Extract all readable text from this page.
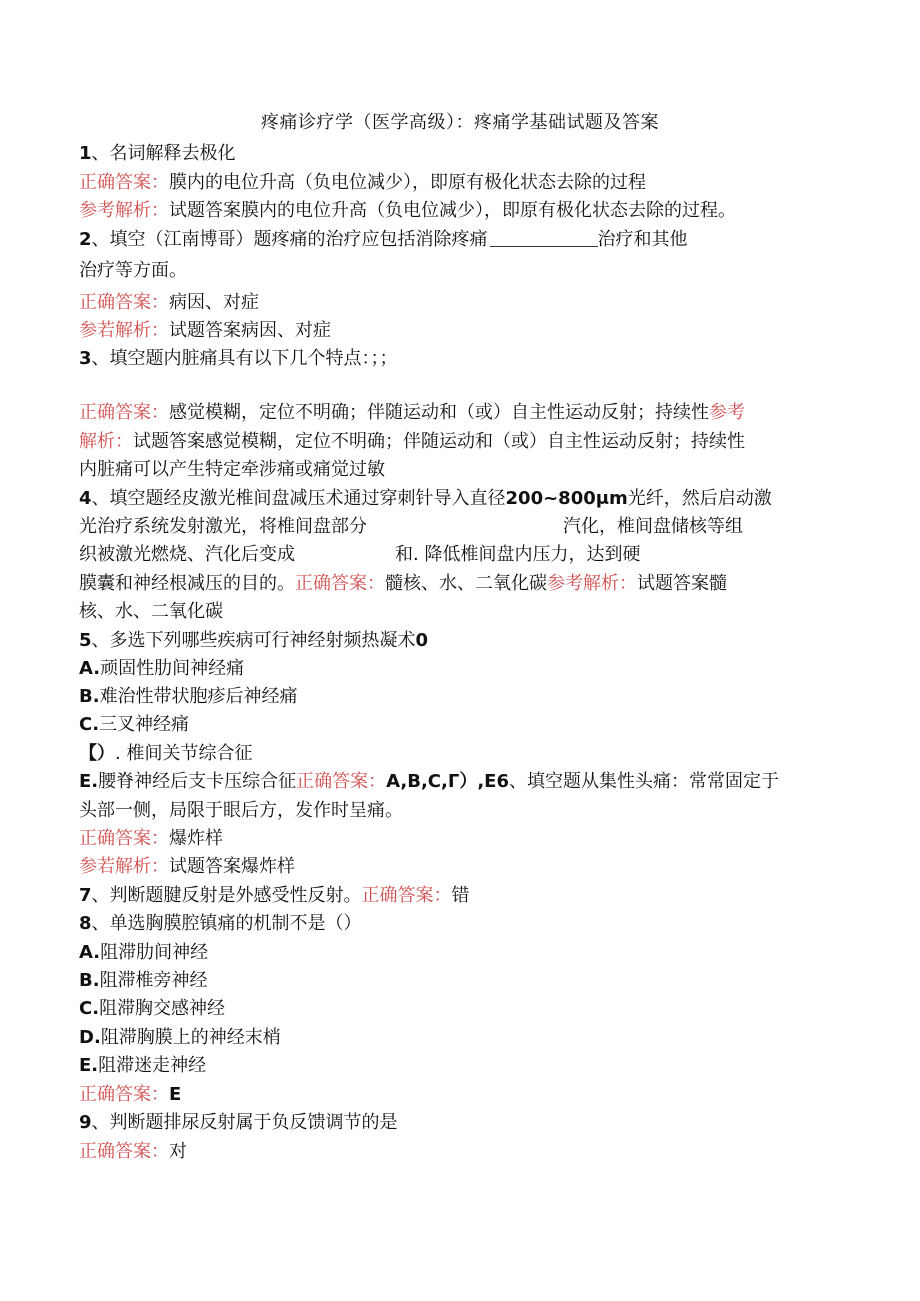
疼痛诊疗学（医学高级）：疼痛学基础试题及答案
1、名词解释去极化
正确答案：膜内的电位升高（负电位减少），即原有极化状态去除的过程
参考解析：试题答案膜内的电位升高（负电位减少），即原有极化状态去除的过程。
2、填空（江南博哥）题疼痛的治疗应包括消除疼痛	治疗和其他
治疗等方面。
正确答案：病因、对症
参若解析：试题答案病因、对症
3、填空题内脏痛具有以下几个特点：；；
正确答案：感觉模糊，定位不明确；伴随运动和（或）自主性运动反射；持续性参考
解析：试题答案感觉模糊，定位不明确；伴随运动和（或）自主性运动反射；持续性
内脏痛可以产生特定牵涉痛或痛觉过敏
4、填空题经皮激光椎间盘减压术通过穿刺针导入直径200~800μm光纤，然后启动激
光治疗系统发射激光，将椎间盘部分	汽化，椎间盘储核等组
织被激光燃烧、汽化后变成	和. 降低椎间盘内压力，达到硬
膜囊和神经根减压的目的。正确答案：髓核、水、二氧化碳参考解析：试题答案髓
核、水、二氧化碳
5、多选下列哪些疾病可行神经射频热凝术0
A.顽固性肋间神经痛
B.难治性带状胞疹后神经痛
C.三叉神经痛
【）. 椎间关节综合征
E.腰脊神经后支卡压综合征正确答案：A,B,C,Γ）,E6、填空题从集性头痛：常常固定于
头部一侧，局限于眼后方，发作时呈痛。
正确答案：爆炸样
参若解析：试题答案爆炸样
7、判断题腱反射是外感受性反射。正确答案：错
8、单选胸膜腔镇痛的机制不是（）
A.阻滞肋间神经
B.阻滞椎旁神经
C.阻滞胸交感神经
D.阻滞胸膜上的神经末梢
E.阻滞迷走神经
正确答案：E
9、判断题排尿反射属于负反馈调节的是
正确答案：对
